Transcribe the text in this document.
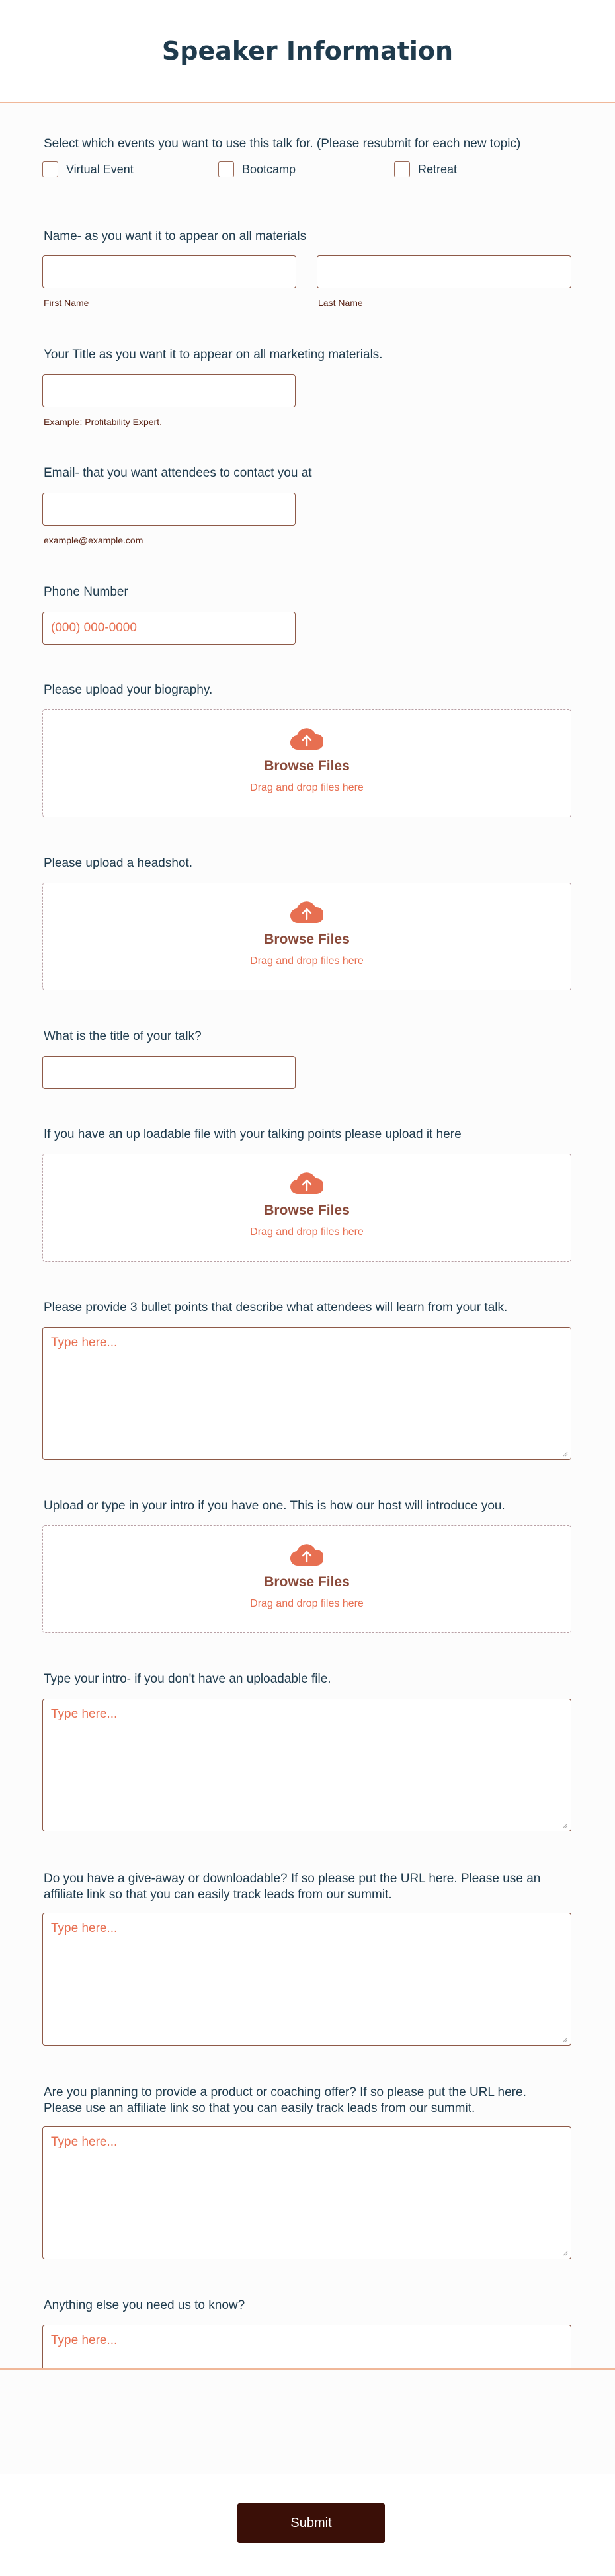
Speaker Information
Select which events you want to use this talk for. (Please resubmit for each new topic)
Virtual Event	Bootcamp	Retreat
Name- as you want it to appear on all materials
First Name	Last Name
Your Title as you want it to appear on all marketing materials.
Example: Profitability Expert.
Email- that you want attendees to contact you at
example@example.com
Phone Number
(000) 000-0000
Please upload your biography.
Browse Files
Drag and drop files here
Please upload a headshot.
Browse Files
Drag and drop files here
What is the title of your talk?
If you have an up loadable file with your talking points please upload it here
Browse Files
Drag and drop files here
Please provide 3 bullet points that describe what attendees will learn from your talk.
Type here...
Upload or type in your intro if you have one. This is how our host will introduce you.
Browse Files
Drag and drop files here
Type your intro- if you don't have an uploadable file.
Type here...
Do you have a give-away or downloadable? If so please put the URL here. Please use an
affiliate link so that you can easily track leads from our summit.
Type here...
Are you planning to provide a product or coaching offer? If so please put the URL here.
Please use an affiliate link so that you can easily track leads from our summit.
Type here...
Anything else you need us to know?
Type here...
Submit
